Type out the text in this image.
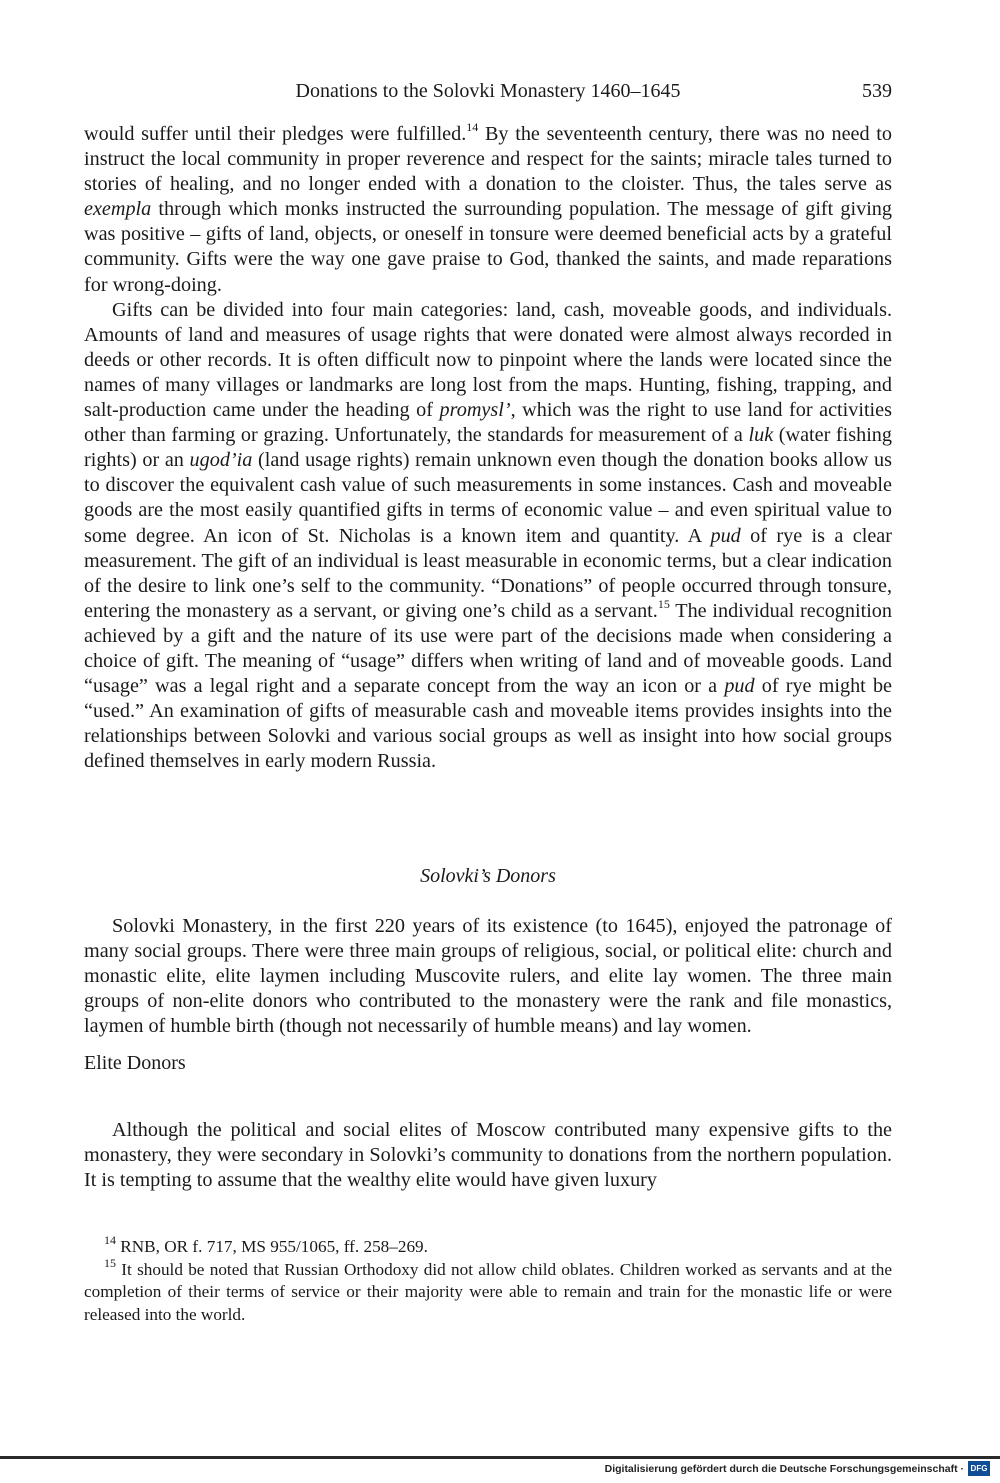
Donations to the Solovki Monastery 1460–1645	539

would suffer until their pledges were fulfilled.$^{14}$ By the seventeenth century, there was no need to instruct the local community in proper reverence and respect for the saints; miracle tales turned to stories of healing, and no longer ended with a donation to the cloister. Thus, the tales serve as exempla through which monks instructed the surrounding population. The message of gift giving was positive – gifts of land, objects, or oneself in tonsure were deemed beneficial acts by a grateful community. Gifts were the way one gave praise to God, thanked the saints, and made reparations for wrong-doing.

Gifts can be divided into four main categories: land, cash, moveable goods, and individuals. Amounts of land and measures of usage rights that were donated were almost always recorded in deeds or other records. It is often difficult now to pinpoint where the lands were located since the names of many villages or landmarks are long lost from the maps. Hunting, fishing, trapping, and salt-production came under the heading of promysl’, which was the right to use land for activities other than farming or grazing. Unfortunately, the standards for measurement of a luk (water fishing rights) or an ugod’ia (land usage rights) remain unknown even though the donation books allow us to discover the equivalent cash value of such measurements in some instances. Cash and moveable goods are the most easily quantified gifts in terms of economic value – and even spiritual value to some degree. An icon of St. Nicholas is a known item and quantity. A pud of rye is a clear measurement. The gift of an individual is least measurable in economic terms, but a clear indication of the desire to link one’s self to the community. “Donations” of people occurred through tonsure, entering the monastery as a servant, or giving one’s child as a servant.$^{15}$ The individual recognition achieved by a gift and the nature of its use were part of the decisions made when considering a choice of gift. The meaning of “usage” differs when writing of land and of moveable goods. Land “usage” was a legal right and a separate concept from the way an icon or a pud of rye might be “used.” An examination of gifts of measurable cash and moveable items provides insights into the relationships between Solovki and various social groups as well as insight into how social groups defined themselves in early modern Russia.

Solovki’s Donors

Solovki Monastery, in the first 220 years of its existence (to 1645), enjoyed the patronage of many social groups. There were three main groups of religious, social, or political elite: church and monastic elite, elite laymen including Muscovite rulers, and elite lay women. The three main groups of non-elite donors who contributed to the monastery were the rank and file monastics, laymen of humble birth (though not necessarily of humble means) and lay women.

Elite Donors

Although the political and social elites of Moscow contributed many expensive gifts to the monastery, they were secondary in Solovki’s community to donations from the northern population. It is tempting to assume that the wealthy elite would have given luxury

$^{14}$ RNB, OR f. 717, MS 955/1065, ff. 258–269.

$^{15}$ It should be noted that Russian Orthodoxy did not allow child oblates. Children worked as servants and at the completion of their terms of service or their majority were able to remain and train for the monastic life or were released into the world.

Digitalisierung gefördert durch die Deutsche Forschungsgemeinschaft · DFG
